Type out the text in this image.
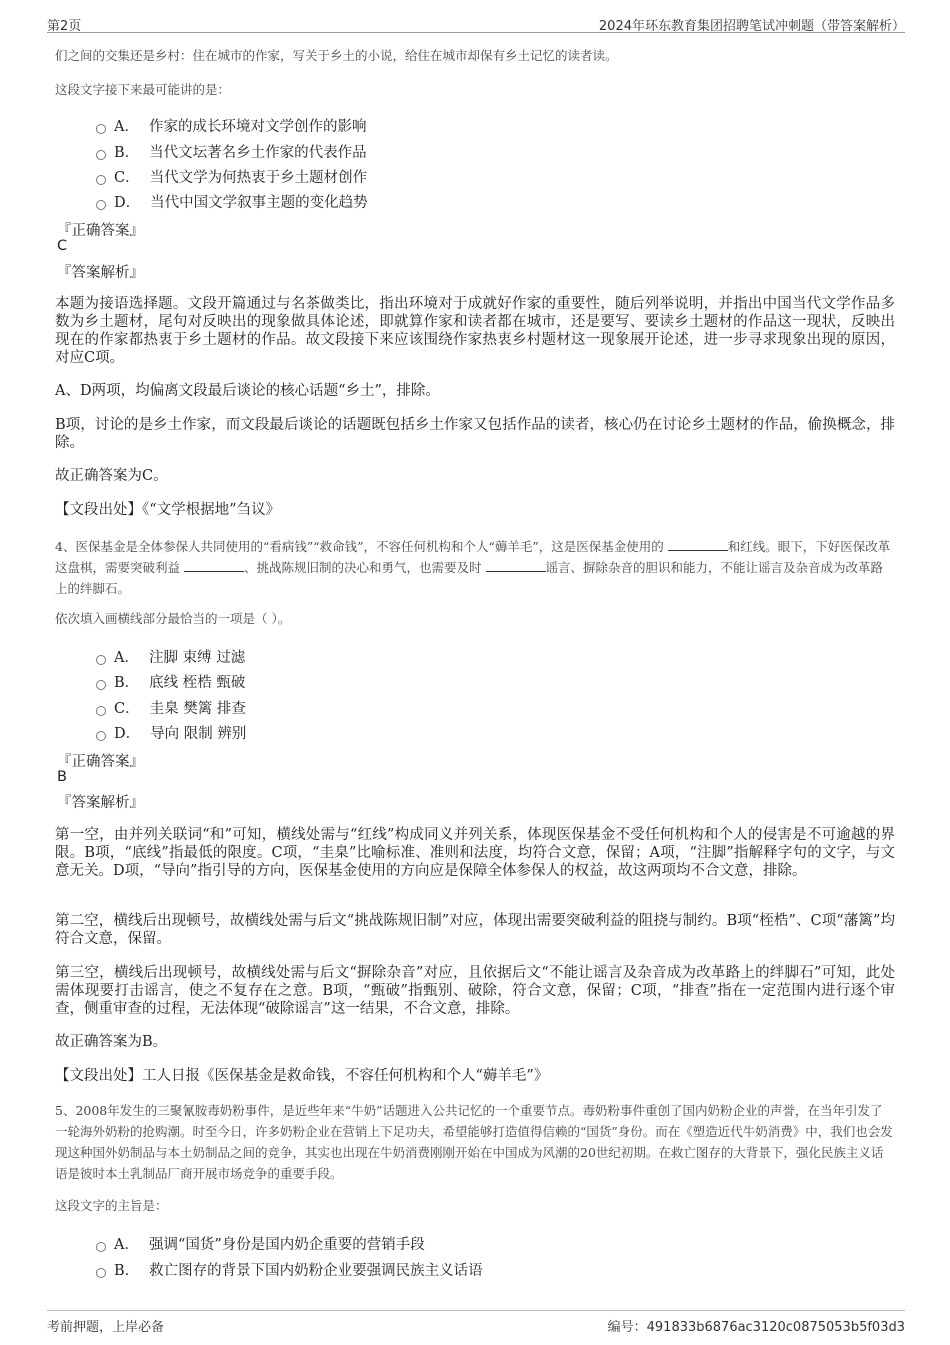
第2页	2024年环东教育集团招聘笔试冲刺题（带答案解析）
们之间的交集还是乡村：住在城市的作家，写关于乡土的小说，给住在城市却保有乡土记忆的读者读。
这段文字接下来最可能讲的是：
A． 作家的成长环境对文学创作的影响
B． 当代文坛著名乡土作家的代表作品
C． 当代文学为何热衷于乡土题材创作
D． 当代中国文学叙事主题的变化趋势
『正确答案』
C
『答案解析』
本题为接语选择题。文段开篇通过与名茶做类比，指出环境对于成就好作家的重要性，随后列举说明，并指出中国当代文学作品多数为乡土题材，尾句对反映出的现象做具体论述，即就算作家和读者都在城市，还是要写、要读乡土题材的作品这一现状，反映出现在的作家都热衷于乡土题材的作品。故文段接下来应该围绕作家热衷乡村题材这一现象展开论述，进一步寻求现象出现的原因，对应C项。
A、D两项，均偏离文段最后谈论的核心话题“乡土”，排除。
B项，讨论的是乡土作家，而文段最后谈论的话题既包括乡土作家又包括作品的读者，核心仍在讨论乡土题材的作品，偷换概念，排除。
故正确答案为C。
【文段出处】《“文学根据地”刍议》
4、医保基金是全体参保人共同使用的“看病钱”“救命钱”，不容任何机构和个人“薅羊毛”，这是医保基金使用的	和红线。眼下，下好医保改革这盘棋，需要突破利益	、挑战陈规旧制的决心和勇气，也需要及时	谣言、摒除杂音的胆识和能力，不能让谣言及杂音成为改革路上的绊脚石。
依次填入画横线部分最恰当的一项是（ ）。
A． 注脚 束缚 过滤
B． 底线 桎梏 甄破
C． 圭臬 樊篱 排查
D． 导向 限制 辨别
『正确答案』
B
『答案解析』
第一空，由并列关联词“和”可知，横线处需与“红线”构成同义并列关系，体现医保基金不受任何机构和个人的侵害是不可逾越的界限。B项，“底线”指最低的限度。C项，“圭臬”比喻标准、准则和法度，均符合文意，保留；A项，“注脚”指解释字句的文字，与文意无关。D项，“导向”指引导的方向，医保基金使用的方向应是保障全体参保人的权益，故这两项均不合文意，排除。
第二空，横线后出现顿号，故横线处需与后文“挑战陈规旧制”对应，体现出需要突破利益的阻挠与制约。B项“桎梏”、C项“藩篱”均符合文意，保留。
第三空，横线后出现顿号，故横线处需与后文“摒除杂音”对应，且依据后文“不能让谣言及杂音成为改革路上的绊脚石”可知，此处需体现要打击谣言，使之不复存在之意。B项，“甄破”指甄别、破除，符合文意，保留；C项，“排查”指在一定范围内进行逐个审查，侧重审查的过程，无法体现“破除谣言”这一结果，不合文意，排除。
故正确答案为B。
【文段出处】工人日报《医保基金是救命钱，不容任何机构和个人“薅羊毛”》
5、2008年发生的三聚氰胺毒奶粉事件，是近些年来“牛奶”话题进入公共记忆的一个重要节点。毒奶粉事件重创了国内奶粉企业的声誉，在当年引发了一轮海外奶粉的抢购潮。时至今日，许多奶粉企业在营销上下足功夫，希望能够打造值得信赖的“国货”身份。而在《塑造近代牛奶消费》中，我们也会发现这种国外奶制品与本土奶制品之间的竞争，其实也出现在牛奶消费刚刚开始在中国成为风潮的20世纪初期。在救亡图存的大背景下，强化民族主义话语是彼时本土乳制品厂商开展市场竞争的重要手段。
这段文字的主旨是：
A． 强调“国货”身份是国内奶企重要的营销手段
B． 救亡图存的背景下国内奶粉企业要强调民族主义话语
考前押题，上岸必备	编号：491833b6876ac3120c0875053b5f03d3
